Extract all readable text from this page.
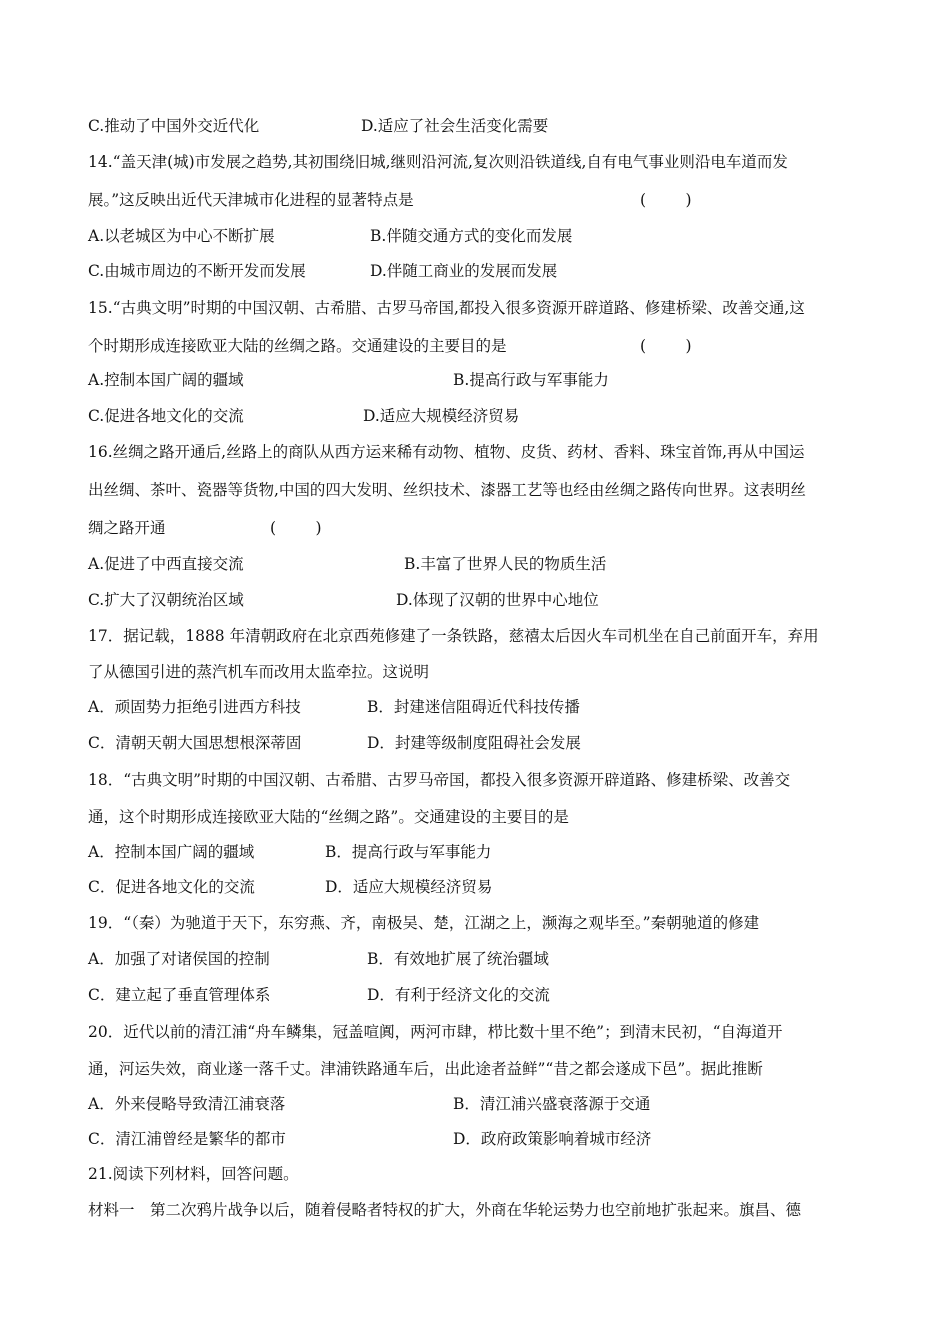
C.推动了中国外交近代化	D.适应了社会生活变化需要
14.“盖天津(城)市发展之趋势,其初围绕旧城,继则沿河流,复次则沿铁道线,自有电气事业则沿电车道而发
展。”这反映出近代天津城市化进程的显著特点是	(        )
A.以老城区为中心不断扩展	B.伴随交通方式的变化而发展
C.由城市周边的不断开发而发展	D.伴随工商业的发展而发展
15.“古典文明”时期的中国汉朝、古希腊、古罗马帝国,都投入很多资源开辟道路、修建桥梁、改善交通,这
个时期形成连接欧亚大陆的丝绸之路。交通建设的主要目的是	(        )
A.控制本国广阔的疆域	B.提高行政与军事能力
C.促进各地文化的交流	D.适应大规模经济贸易
16.丝绸之路开通后,丝路上的商队从西方运来稀有动物、植物、皮货、药材、香料、珠宝首饰,再从中国运
出丝绸、茶叶、瓷器等货物,中国的四大发明、丝织技术、漆器工艺等也经由丝绸之路传向世界。这表明丝
绸之路开通	(        )
A.促进了中西直接交流	B.丰富了世界人民的物质生活
C.扩大了汉朝统治区域	D.体现了汉朝的世界中心地位
17．据记载，1888 年清朝政府在北京西苑修建了一条铁路，慈禧太后因火车司机坐在自己前面开车，弃用
了从德国引进的蒸汽机车而改用太监牵拉。这说明
A．顽固势力拒绝引进西方科技	B．封建迷信阻碍近代科技传播
C．清朝天朝大国思想根深蒂固	D．封建等级制度阻碍社会发展
18．“古典文明”时期的中国汉朝、古希腊、古罗马帝国，都投入很多资源开辟道路、修建桥梁、改善交
通，这个时期形成连接欧亚大陆的“丝绸之路”。交通建设的主要目的是
A．控制本国广阔的疆域	B．提高行政与军事能力
C．促进各地文化的交流	D．适应大规模经济贸易
19．“（秦）为驰道于天下，东穷燕、齐，南极吴、楚，江湖之上，濒海之观毕至。”秦朝驰道的修建
A．加强了对诸侯国的控制	B．有效地扩展了统治疆域
C．建立起了垂直管理体系	D．有利于经济文化的交流
20．近代以前的清江浦“舟车鳞集，冠盖喧阗，两河市肆，栉比数十里不绝”；到清末民初，“自海道开
通，河运失效，商业遂一落千丈。津浦铁路通车后，出此途者益鲜”“昔之都会遂成下邑”。据此推断
A．外来侵略导致清江浦衰落	B．清江浦兴盛衰落源于交通
C．清江浦曾经是繁华的都市	D．政府政策影响着城市经济
21.阅读下列材料，回答问题。
材料一　第二次鸦片战争以后，随着侵略者特权的扩大，外商在华轮运势力也空前地扩张起来。旗昌、德
